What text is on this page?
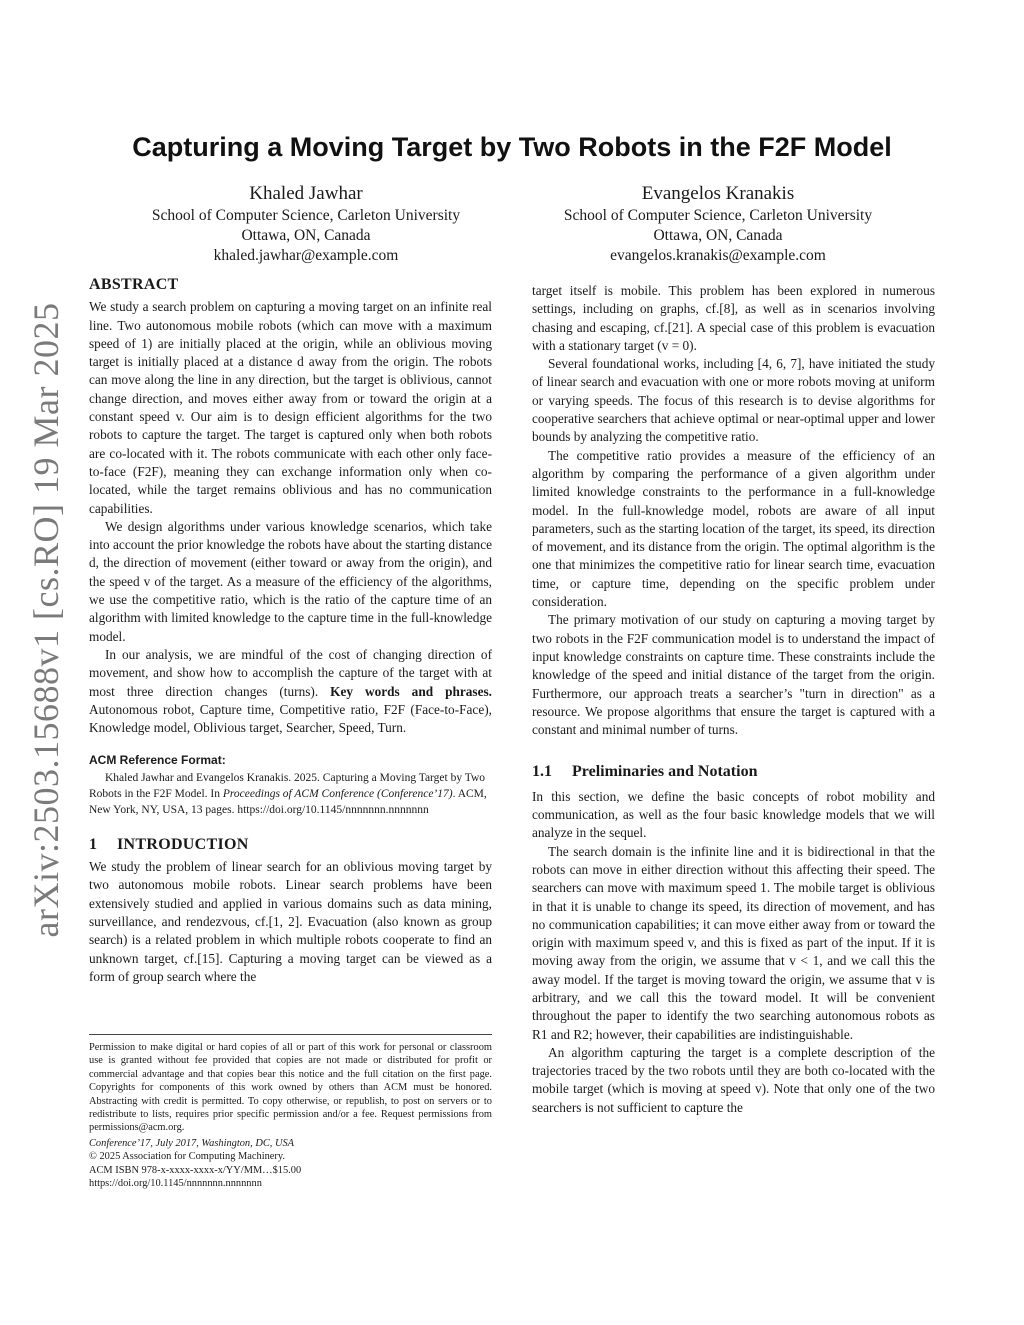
arXiv:2503.15688v1 [cs.RO] 19 Mar 2025
Capturing a Moving Target by Two Robots in the F2F Model
Khaled Jawhar
School of Computer Science, Carleton University
Ottawa, ON, Canada
khaled.jawhar@example.com
Evangelos Kranakis
School of Computer Science, Carleton University
Ottawa, ON, Canada
evangelos.kranakis@example.com
ABSTRACT

We study a search problem on capturing a moving target on an infinite real line. Two autonomous mobile robots (which can move with a maximum speed of 1) are initially placed at the origin, while an oblivious moving target is initially placed at a distance d away from the origin. The robots can move along the line in any direction, but the target is oblivious, cannot change direction, and moves either away from or toward the origin at a constant speed v. Our aim is to design efficient algorithms for the two robots to capture the target. The target is captured only when both robots are co-located with it. The robots communicate with each other only face-to-face (F2F), meaning they can exchange information only when co-located, while the target remains oblivious and has no communication capabilities.

We design algorithms under various knowledge scenarios, which take into account the prior knowledge the robots have about the starting distance d, the direction of movement (either toward or away from the origin), and the speed v of the target. As a measure of the efficiency of the algorithms, we use the competitive ratio, which is the ratio of the capture time of an algorithm with limited knowledge to the capture time in the full-knowledge model.

In our analysis, we are mindful of the cost of changing direction of movement, and show how to accomplish the capture of the target with at most three direction changes (turns). Key words and phrases. Autonomous robot, Capture time, Competitive ratio, F2F (Face-to-Face), Knowledge model, Oblivious target, Searcher, Speed, Turn.

ACM Reference Format:

Khaled Jawhar and Evangelos Kranakis. 2025. Capturing a Moving Target by Two Robots in the F2F Model. In Proceedings of ACM Conference (Conference’17). ACM, New York, NY, USA, 13 pages. https://doi.org/10.1145/nnnnnnn.nnnnnnn

1 INTRODUCTION

We study the problem of linear search for an oblivious moving target by two autonomous mobile robots. Linear search problems have been extensively studied and applied in various domains such as data mining, surveillance, and rendezvous, cf.[1, 2]. Evacuation (also known as group search) is a related problem in which multiple robots cooperate to find an unknown target, cf.[15]. Capturing a moving target can be viewed as a form of group search where the

Permission to make digital or hard copies of all or part of this work for personal or classroom use is granted without fee provided that copies are not made or distributed for profit or commercial advantage and that copies bear this notice and the full citation on the first page. Copyrights for components of this work owned by others than ACM must be honored. Abstracting with credit is permitted. To copy otherwise, or republish, to post on servers or to redistribute to lists, requires prior specific permission and/or a fee. Request permissions from permissions@acm.org.

Conference’17, July 2017, Washington, DC, USA

© 2025 Association for Computing Machinery.

ACM ISBN 978-x-xxxx-xxxx-x/YY/MM…$15.00

https://doi.org/10.1145/nnnnnnn.nnnnnnn

target itself is mobile. This problem has been explored in numerous settings, including on graphs, cf.[8], as well as in scenarios involving chasing and escaping, cf.[21]. A special case of this problem is evacuation with a stationary target (v = 0).

Several foundational works, including [4, 6, 7], have initiated the study of linear search and evacuation with one or more robots moving at uniform or varying speeds. The focus of this research is to devise algorithms for cooperative searchers that achieve optimal or near-optimal upper and lower bounds by analyzing the competitive ratio.

The competitive ratio provides a measure of the efficiency of an algorithm by comparing the performance of a given algorithm under limited knowledge constraints to the performance in a full-knowledge model. In the full-knowledge model, robots are aware of all input parameters, such as the starting location of the target, its speed, its direction of movement, and its distance from the origin. The optimal algorithm is the one that minimizes the competitive ratio for linear search time, evacuation time, or capture time, depending on the specific problem under consideration.

The primary motivation of our study on capturing a moving target by two robots in the F2F communication model is to understand the impact of input knowledge constraints on capture time. These constraints include the knowledge of the speed and initial distance of the target from the origin. Furthermore, our approach treats a searcher’s "turn in direction" as a resource. We propose algorithms that ensure the target is captured with a constant and minimal number of turns.

1.1 Preliminaries and Notation

In this section, we define the basic concepts of robot mobility and communication, as well as the four basic knowledge models that we will analyze in the sequel.

The search domain is the infinite line and it is bidirectional in that the robots can move in either direction without this affecting their speed. The searchers can move with maximum speed 1. The mobile target is oblivious in that it is unable to change its speed, its direction of movement, and has no communication capabilities; it can move either away from or toward the origin with maximum speed v, and this is fixed as part of the input. If it is moving away from the origin, we assume that v < 1, and we call this the away model. If the target is moving toward the origin, we assume that v is arbitrary, and we call this the toward model. It will be convenient throughout the paper to identify the two searching autonomous robots as R1 and R2; however, their capabilities are indistinguishable.

An algorithm capturing the target is a complete description of the trajectories traced by the two robots until they are both co-located with the mobile target (which is moving at speed v). Note that only one of the two searchers is not sufficient to capture the
